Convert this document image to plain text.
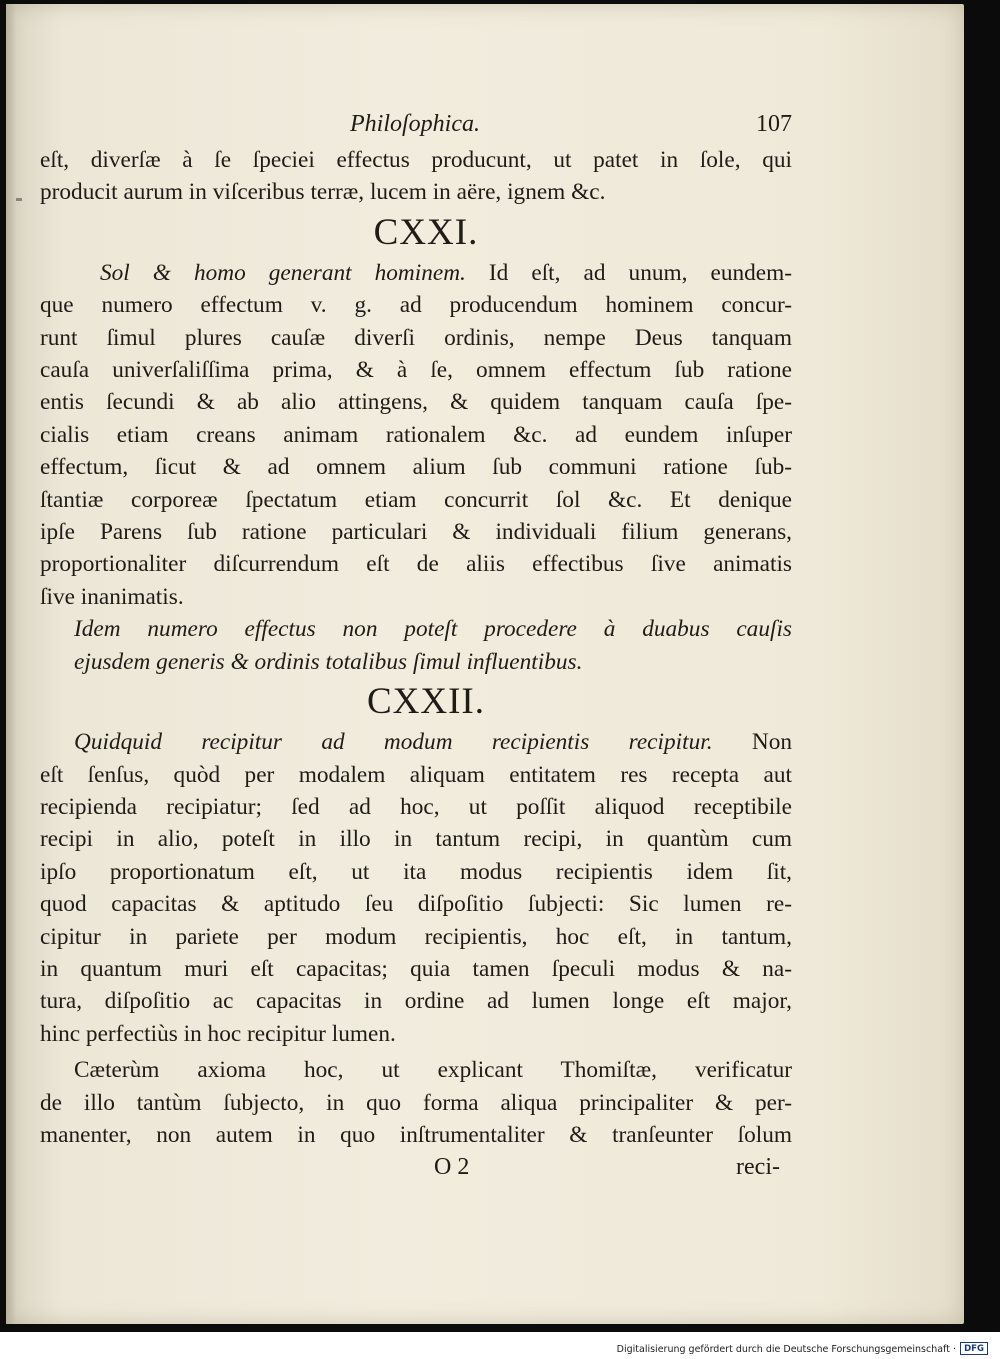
Philoſophica.	107
eſt, diverſæ à ſe ſpeciei effectus producunt, ut patet in ſole, qui
producit aurum in viſceribus terræ, lucem in aëre, ignem &c.
CXXI.
Sol & homo generant hominem. Id eſt, ad unum, eundem-
que numero effectum v. g. ad producendum hominem concur-
runt ſimul plures cauſæ diverſi ordinis, nempe Deus tanquam
cauſa univerſaliſſima prima, & à ſe, omnem effectum ſub ratione
entis ſecundi & ab alio attingens, & quidem tanquam cauſa ſpe-
cialis etiam creans animam rationalem &c. ad eundem inſuper
effectum, ſicut & ad omnem alium ſub communi ratione ſub-
ſtantiæ corporeæ ſpectatum etiam concurrit ſol &c. Et denique
ipſe Parens ſub ratione particulari & individuali filium generans,
proportionaliter diſcurrendum eſt de aliis effectibus ſive animatis
ſive inanimatis.
Idem numero effectus non poteſt procedere à duabus cauſis
ejusdem generis & ordinis totalibus ſimul influentibus.
CXXII.
Quidquid recipitur ad modum recipientis recipitur. Non
eſt ſenſus, quòd per modalem aliquam entitatem res recepta aut
recipienda recipiatur; ſed ad hoc, ut poſſit aliquod receptibile
recipi in alio, poteſt in illo in tantum recipi, in quantùm cum
ipſo proportionatum eſt, ut ita modus recipientis idem ſit,
quod capacitas & aptitudo ſeu diſpoſitio ſubjecti: Sic lumen re-
cipitur in pariete per modum recipientis, hoc eſt, in tantum,
in quantum muri eſt capacitas; quia tamen ſpeculi modus & na-
tura, diſpoſitio ac capacitas in ordine ad lumen longe eſt major,
hinc perfectiùs in hoc recipitur lumen.
Cæterùm axioma hoc, ut explicant Thomiſtæ, verificatur
de illo tantùm ſubjecto, in quo forma aliqua principaliter & per-
manenter, non autem in quo inſtrumentaliter & tranſeunter ſolum
O 2	reci-
Digitalisierung gefördert durch die Deutsche Forschungsgemeinschaft · DFG
